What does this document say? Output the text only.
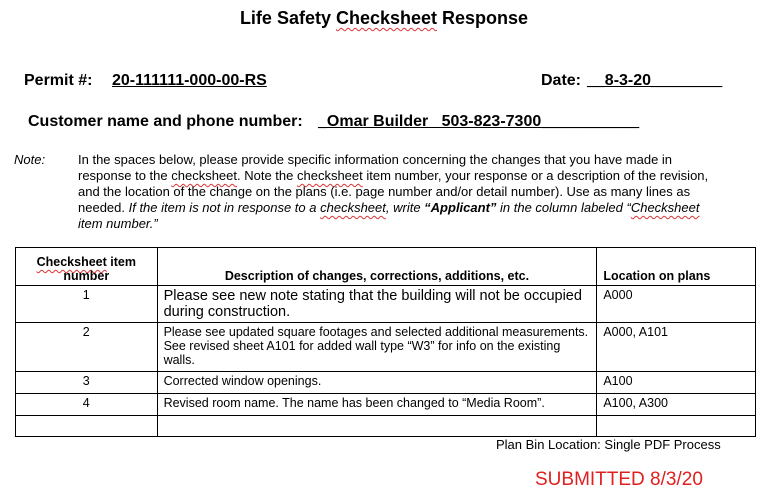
Life Safety Checksheet Response
Permit #: 20-111111-000-00-RS	Date: __8-3-20________
Customer name and phone number: _Omar Builder   503-823-7300___________
Note:	In the spaces below, please provide specific information concerning the changes that you have made in response to the checksheet. Note the checksheet item number, your response or a description of the revision, and the location of the change on the plans (i.e. page number and/or detail number). Use as many lines as needed. If the item is not in response to a checksheet, write “Applicant” in the column labeled “Checksheet item number.”
Checksheet item number	Description of changes, corrections, additions, etc.	Location on plans
1	Please see new note stating that the building will not be occupied during construction.	A000
2	Please see updated square footages and selected additional measurements. See revised sheet A101 for added wall type “W3” for info on the existing walls.	A000, A101
3	Corrected window openings.	A100
4	Revised room name. The name has been changed to “Media Room”.	A100, A300

Plan Bin Location: Single PDF Process
SUBMITTED 8/3/20
